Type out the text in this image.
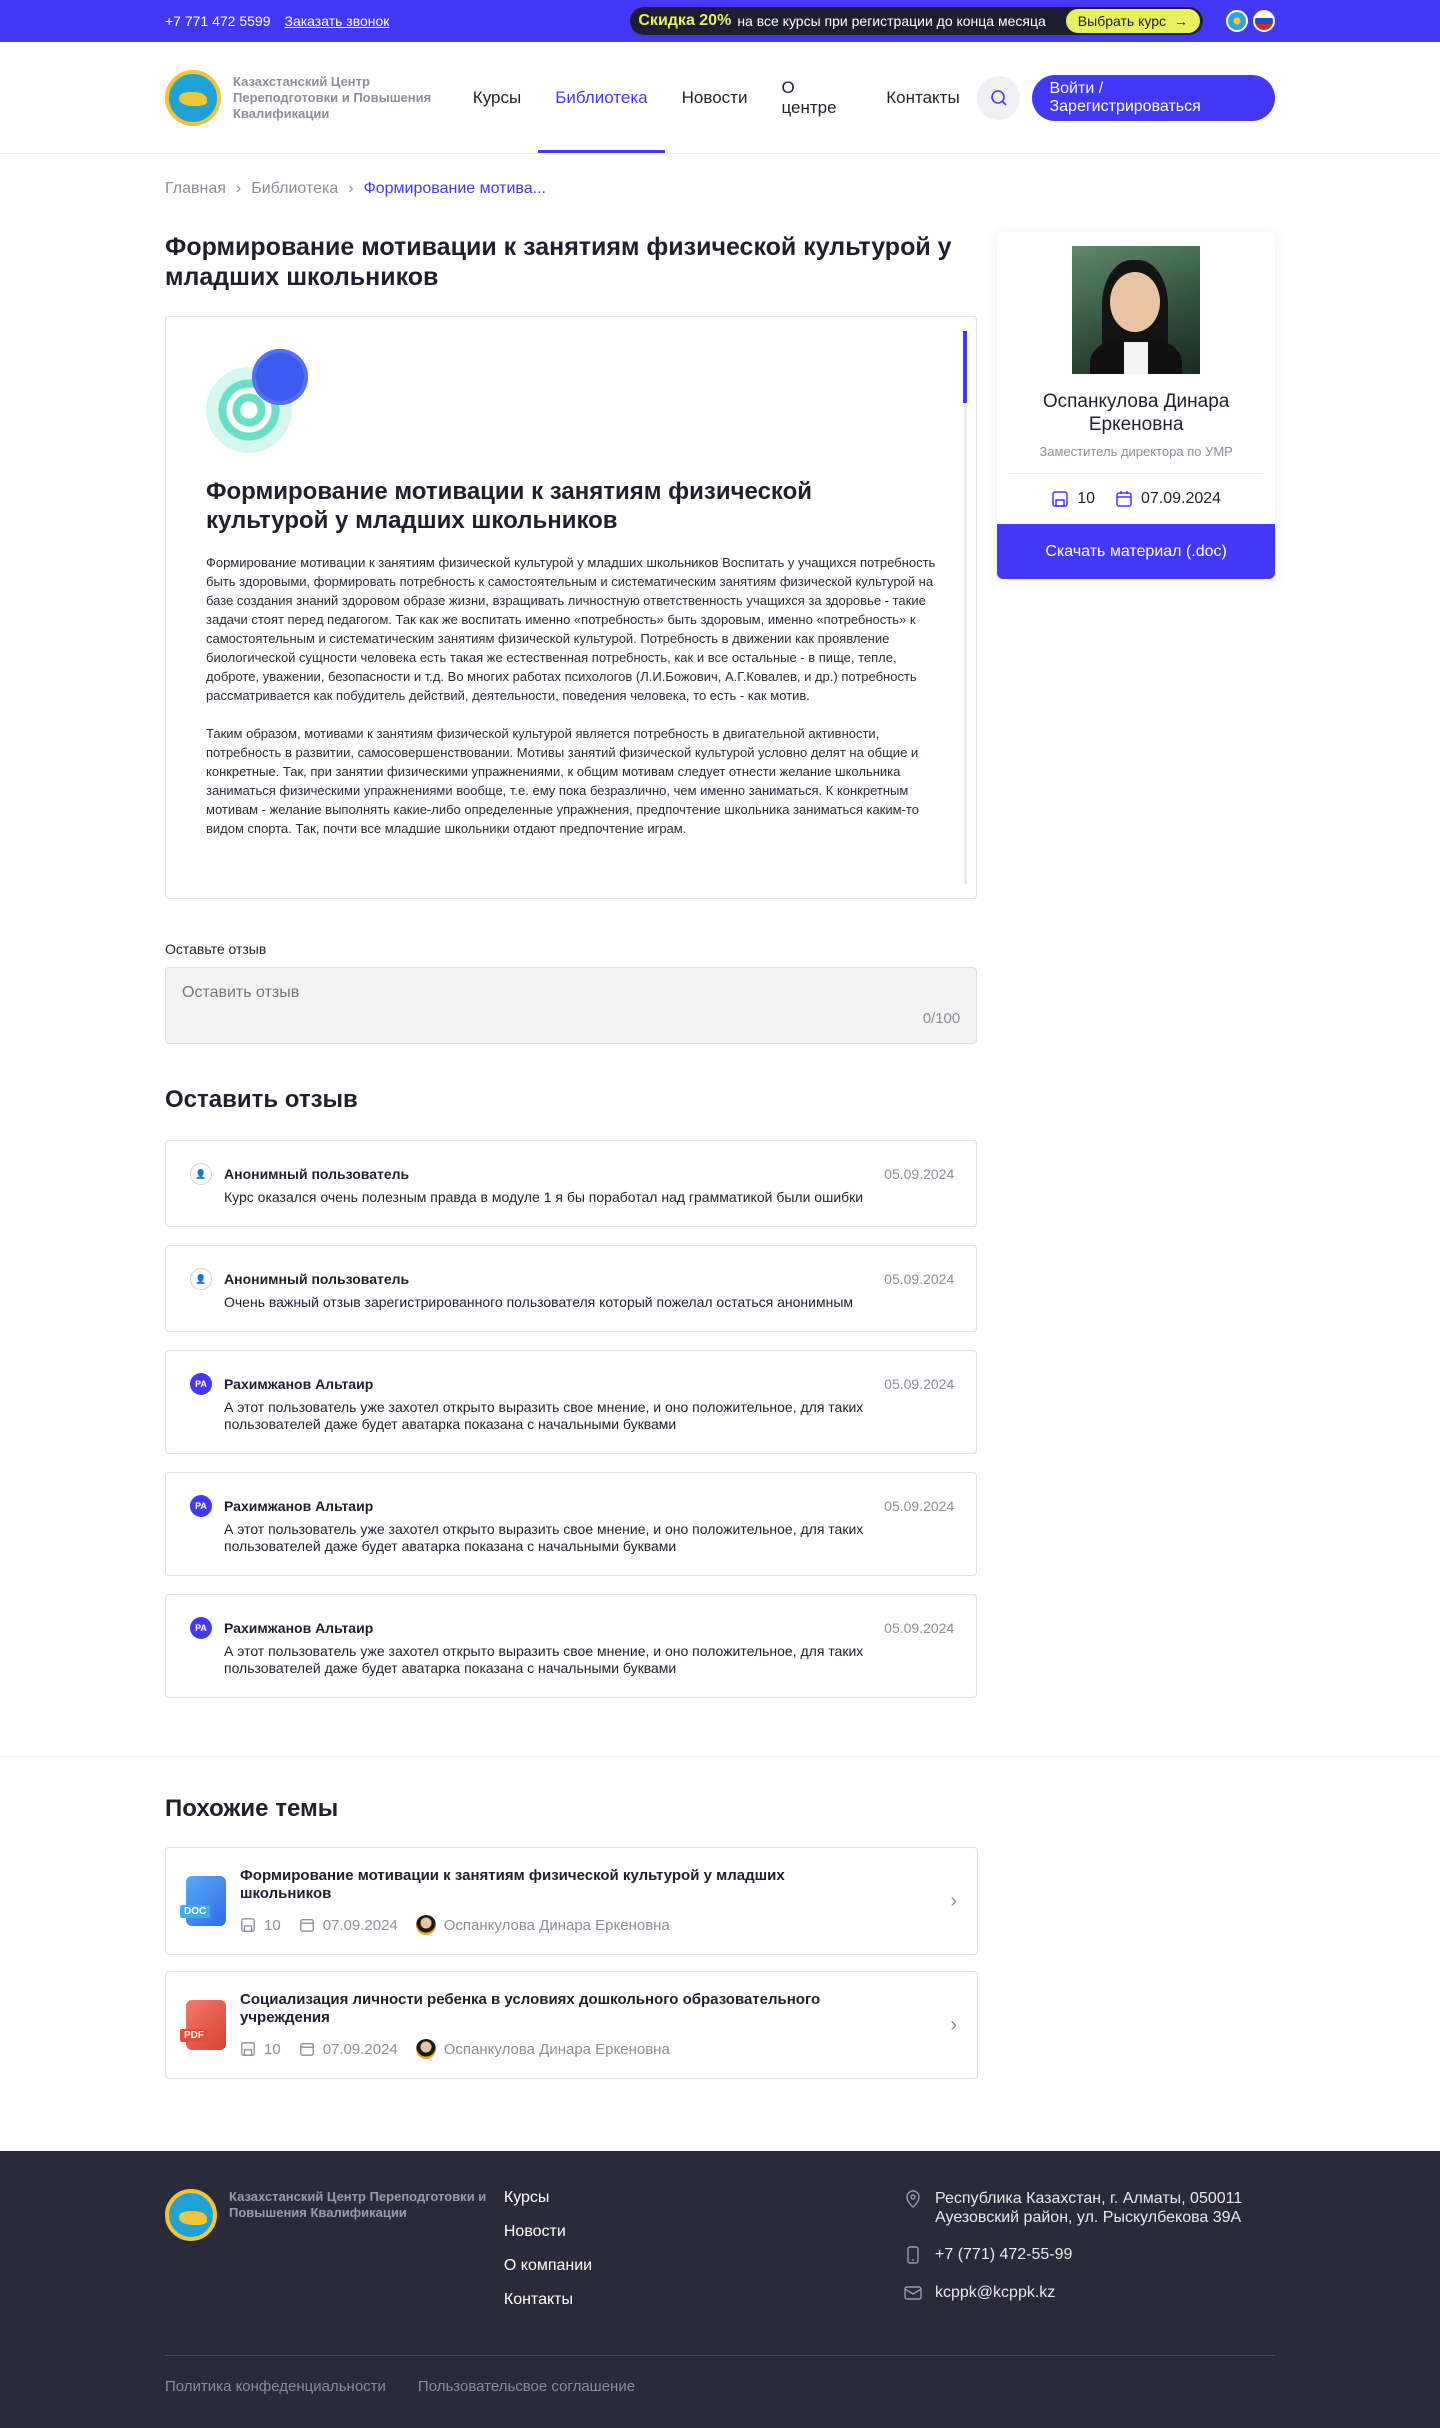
+7 771 472 5599 Заказать звонок	Скидка 20% на все курсы при регистрации до конца месяца Выбрать курс →
Казахстанский Центр Переподготовки и Повышения Квалификации
Курсы	Библиотека	Новости
О центре
Контакты	Войти / Зарегистрироваться
Главная › Библиотека › Формирование мотива...
Формирование мотивации к занятиям физической культурой у младших школьников
Формирование мотивации к занятиям физической культурой у младших школьников

Формирование мотивации к занятиям физической культурой у младших школьников Воспитать у учащихся потребность быть здоровыми, формировать потребность к самостоятельным и систематическим занятиям физической культурой на базе создания знаний здоровом образе жизни, взращивать личностную ответственность учащихся за здоровье - такие задачи стоят перед педагогом. Так как же воспитать именно «потребность» быть здоровым, именно «потребность» к самостоятельным и систематическим занятиям физической культурой. Потребность в движении как проявление биологической сущности человека есть такая же естественная потребность, как и все остальные - в пище, тепле, доброте, уважении, безопасности и т.д. Во многих работах психологов (Л.И.Божович, А.Г.Ковалев, и др.) потребность рассматривается как побудитель действий, деятельности, поведения человека, то есть - как мотив.

Таким образом, мотивами к занятиям физической культурой является потребность в двигательной активности, потребность в развитии, самосовершенствовании. Мотивы занятий физической культурой условно делят на общие и конкретные. Так, при занятии физическими упражнениями, к общим мотивам следует отнести желание школьника заниматься физическими упражнениями вообще, т.е. ему пока безразлично, чем именно заниматься. К конкретным мотивам - желание выполнять какие-либо определенные упражнения, предпочтение школьника заниматься каким-то видом спорта. Так, почти все младшие школьники отдают предпочтение играм.

Оставьте отзыв
Оставить отзыв
0/100
Оставить отзыв
👤	Анонимный пользователь	05.09.2024
Курс оказался очень полезным правда в модуле 1 я бы поработал над грамматикой были ошибки
👤	Анонимный пользователь	05.09.2024
Очень важный отзыв зарегистрированного пользователя который пожелал остаться анонимным
PA	Рахимжанов Альтаир	05.09.2024
А этот пользователь уже захотел открыто выразить свое мнение, и оно положительное, для таких пользователей даже будет аватарка показана с начальными буквами
PA	Рахимжанов Альтаир	05.09.2024
А этот пользователь уже захотел открыто выразить свое мнение, и оно положительное, для таких пользователей даже будет аватарка показана с начальными буквами
PA	Рахимжанов Альтаир	05.09.2024
А этот пользователь уже захотел открыто выразить свое мнение, и оно положительное, для таких пользователей даже будет аватарка показана с начальными буквами
Оспанкулова Динара Еркеновна
Заместитель директора по УМР
10	07.09.2024
Скачать материал (.doc)
Похожие темы
DOC
Формирование мотивации к занятиям физической культурой у младших школьников
10	07.09.2024	Оспанкулова Динара Еркеновна
›
PDF
Социализация личности ребенка в условиях дошкольного образовательного учреждения
10	07.09.2024	Оспанкулова Динара Еркеновна
›
Казахстанский Центр Переподготовки и Повышения Квалификации
Курсы
Новости
О компании
Контакты
Республика Казахстан, г. Алматы, 050011 Ауезовский район, ул. Рыскулбекова 39А
+7 (771) 472-55-99
kcppk@kcppk.kz
Политика конфеденциальности Пользовательсвое соглашение
